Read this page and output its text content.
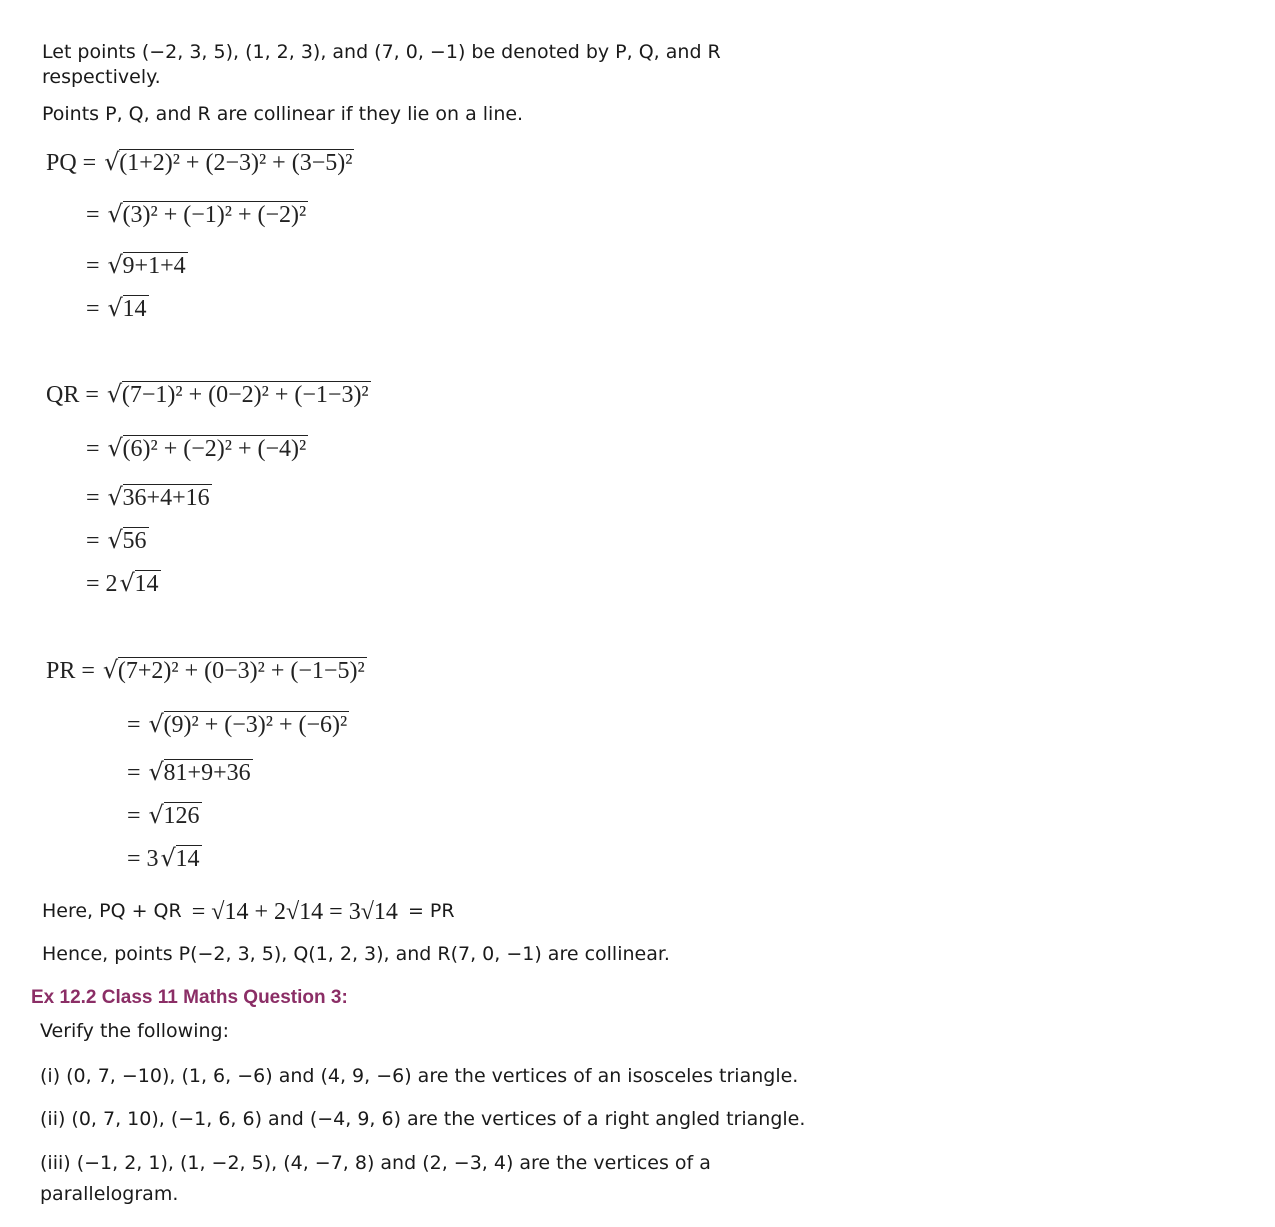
Let points (−2, 3, 5), (1, 2, 3), and (7, 0, −1) be denoted by P, Q, and R
respectively.
Points P, Q, and R are collinear if they lie on a line.
PQ = √ (1+2)² + (2−3)² + (3−5)²
= √ (3)² + (−1)² + (−2)²
= √ 9+1+4
= √ 14
QR = √ (7−1)² + (0−2)² + (−1−3)²
= √ (6)² + (−2)² + (−4)²
= √ 36+4+16
= √ 56
= 2 √ 14
PR = √ (7+2)² + (0−3)² + (−1−5)²
= √ (9)² + (−3)² + (−6)²
= √ 81+9+36
= √ 126
= 3 √ 14
Here, PQ + QR = √14 + 2√14 = 3√14 = PR
Hence, points P(−2, 3, 5), Q(1, 2, 3), and R(7, 0, −1) are collinear.
Ex 12.2 Class 11 Maths Question 3:
Verify the following:
(i) (0, 7, −10), (1, 6, −6) and (4, 9, −6) are the vertices of an isosceles triangle.
(ii) (0, 7, 10), (−1, 6, 6) and (−4, 9, 6) are the vertices of a right angled triangle.
(iii) (−1, 2, 1), (1, −2, 5), (4, −7, 8) and (2, −3, 4) are the vertices of a
parallelogram.
